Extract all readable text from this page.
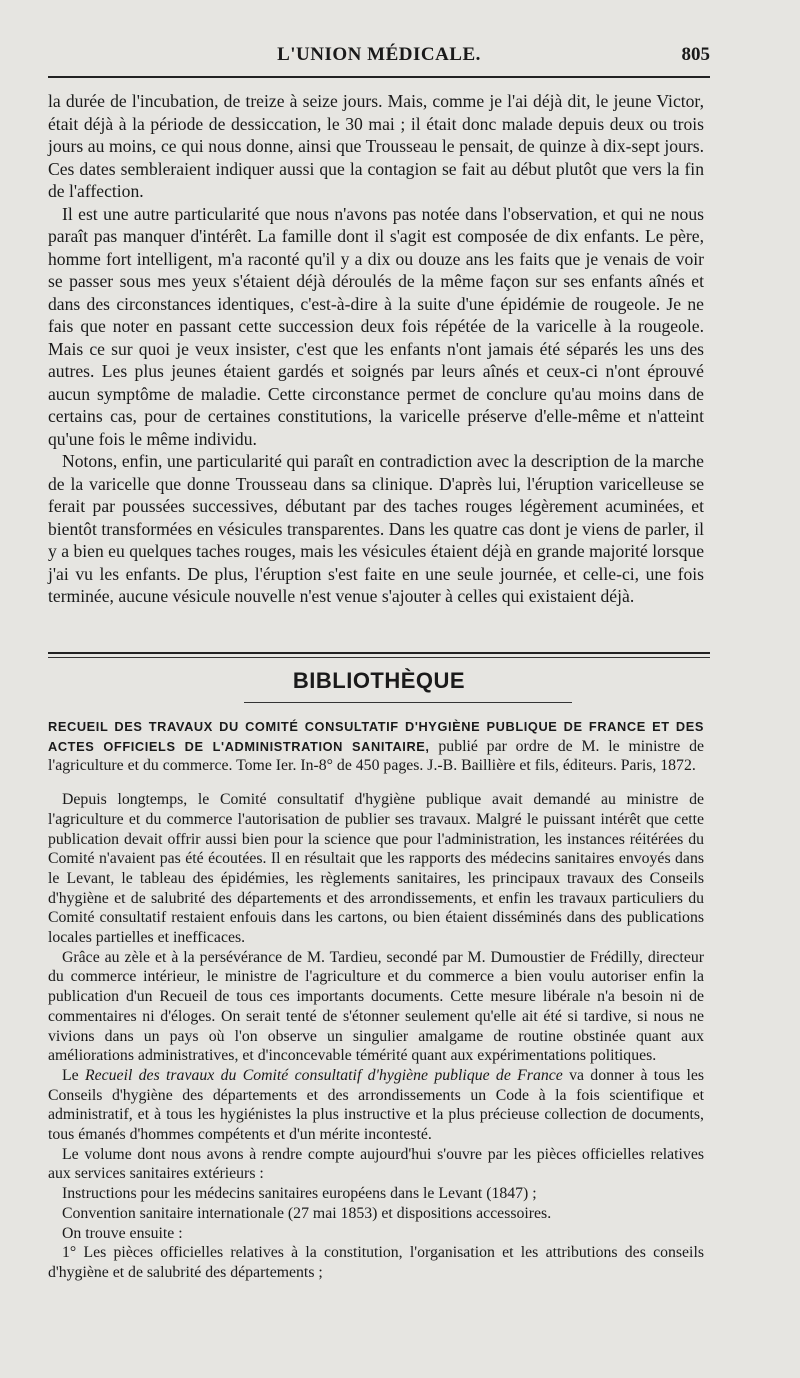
L'UNION MÉDICALE.	805

la durée de l'incubation, de treize à seize jours. Mais, comme je l'ai déjà dit, le jeune Victor, était déjà à la période de dessiccation, le 30 mai ; il était donc malade depuis deux ou trois jours au moins, ce qui nous donne, ainsi que Trousseau le pensait, de quinze à dix-sept jours. Ces dates sembleraient indiquer aussi que la contagion se fait au début plutôt que vers la fin de l'affection.

Il est une autre particularité que nous n'avons pas notée dans l'observation, et qui ne nous paraît pas manquer d'intérêt. La famille dont il s'agit est composée de dix enfants. Le père, homme fort intelligent, m'a raconté qu'il y a dix ou douze ans les faits que je venais de voir se passer sous mes yeux s'étaient déjà déroulés de la même façon sur ses enfants aînés et dans des circonstances identiques, c'est-à-dire à la suite d'une épidémie de rougeole. Je ne fais que noter en passant cette succession deux fois répétée de la varicelle à la rougeole. Mais ce sur quoi je veux insister, c'est que les enfants n'ont jamais été séparés les uns des autres. Les plus jeunes étaient gardés et soignés par leurs aînés et ceux-ci n'ont éprouvé aucun symptôme de maladie. Cette circonstance permet de conclure qu'au moins dans de certains cas, pour de certaines constitutions, la varicelle préserve d'elle-même et n'atteint qu'une fois le même individu.

Notons, enfin, une particularité qui paraît en contradiction avec la description de la marche de la varicelle que donne Trousseau dans sa clinique. D'après lui, l'éruption varicelleuse se ferait par poussées successives, débutant par des taches rouges légèrement acuminées, et bientôt transformées en vésicules transparentes. Dans les quatre cas dont je viens de parler, il y a bien eu quelques taches rouges, mais les vésicules étaient déjà en grande majorité lorsque j'ai vu les enfants. De plus, l'éruption s'est faite en une seule journée, et celle-ci, une fois terminée, aucune vésicule nouvelle n'est venue s'ajouter à celles qui existaient déjà.

BIBLIOTHÈQUE

RECUEIL DES TRAVAUX DU COMITÉ CONSULTATIF D'HYGIÈNE PUBLIQUE DE FRANCE ET DES ACTES OFFICIELS DE L'ADMINISTRATION SANITAIRE, publié par ordre de M. le ministre de l'agriculture et du commerce. Tome Ier. In-8° de 450 pages. J.-B. Baillière et fils, éditeurs. Paris, 1872.

Depuis longtemps, le Comité consultatif d'hygiène publique avait demandé au ministre de l'agriculture et du commerce l'autorisation de publier ses travaux. Malgré le puissant intérêt que cette publication devait offrir aussi bien pour la science que pour l'administration, les instances réitérées du Comité n'avaient pas été écoutées. Il en résultait que les rapports des médecins sanitaires envoyés dans le Levant, le tableau des épidémies, les règlements sanitaires, les principaux travaux des Conseils d'hygiène et de salubrité des départements et des arrondissements, et enfin les travaux particuliers du Comité consultatif restaient enfouis dans les cartons, ou bien étaient disséminés dans des publications locales partielles et inefficaces.

Grâce au zèle et à la persévérance de M. Tardieu, secondé par M. Dumoustier de Frédilly, directeur du commerce intérieur, le ministre de l'agriculture et du commerce a bien voulu autoriser enfin la publication d'un Recueil de tous ces importants documents. Cette mesure libérale n'a besoin ni de commentaires ni d'éloges. On serait tenté de s'étonner seulement qu'elle ait été si tardive, si nous ne vivions dans un pays où l'on observe un singulier amalgame de routine obstinée quant aux améliorations administratives, et d'inconcevable témérité quant aux expérimentations politiques.

Le Recueil des travaux du Comité consultatif d'hygiène publique de France va donner à tous les Conseils d'hygiène des départements et des arrondissements un Code à la fois scientifique et administratif, et à tous les hygiénistes la plus instructive et la plus précieuse collection de documents, tous émanés d'hommes compétents et d'un mérite incontesté.

Le volume dont nous avons à rendre compte aujourd'hui s'ouvre par les pièces officielles relatives aux services sanitaires extérieurs :

Instructions pour les médecins sanitaires européens dans le Levant (1847) ;

Convention sanitaire internationale (27 mai 1853) et dispositions accessoires.

On trouve ensuite :

1° Les pièces officielles relatives à la constitution, l'organisation et les attributions des conseils d'hygiène et de salubrité des départements ;
